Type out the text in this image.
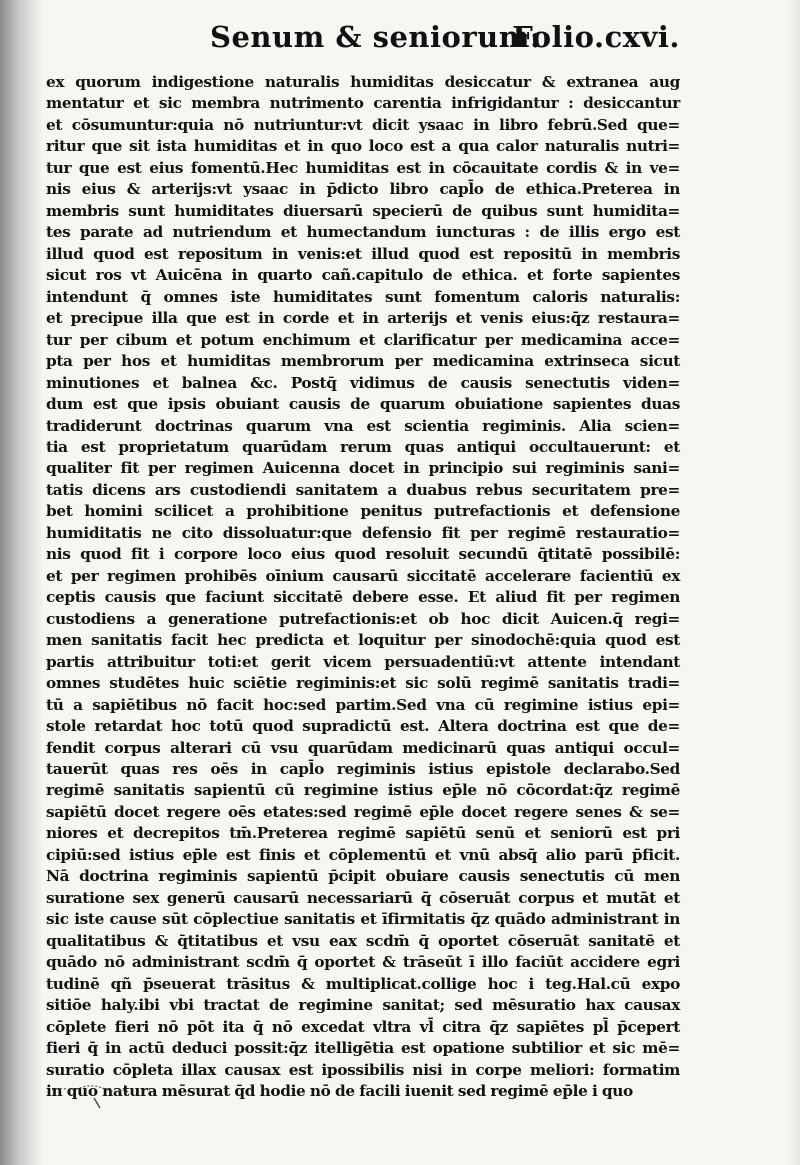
Senum & seniorum:
Folio.cxvi.
ex quorum indigestione naturalis humiditas desiccatur & extranea aug
mentatur et sic membra nutrimento carentia infrigidantur : desiccantur
et cōsumuntur:quia nō nutriuntur:vt dicit ysaac in libro febrū.Sed que=
ritur que sit ista humiditas et in quo loco est a qua calor naturalis nutri=
tur que est eius fomentū.Hec humiditas est in cōcauitate cordis & in ve=
nis eius & arterijs:vt ysaac in p̄dicto libro capl̄o de ethica.Preterea in
membris sunt humiditates diuersarū specierū de quibus sunt humidita=
tes parate ad nutriendum et humectandum iuncturas : de illis ergo est
illud quod est repositum in venis:et illud quod est repositū in membris
sicut ros vt Auicēna in quarto cañ.capitulo de ethica. et forte sapientes
intendunt q̄ omnes iste humiditates sunt fomentum caloris naturalis:
et precipue illa que est in corde et in arterijs et venis eius:q̄z restaura=
tur per cibum et potum enchimum et clarificatur per medicamina acce=
pta per hos et humiditas membrorum per medicamina extrinseca sicut
minutiones et balnea &c. Postq̄ vidimus de causis senectutis viden=
dum est que ipsis obuiant causis de quarum obuiatione sapientes duas
tradiderunt doctrinas quarum vna est scientia regiminis. Alia scien=
tia est proprietatum quarūdam rerum quas antiqui occultauerunt: et
qualiter fit per regimen Auicenna docet in principio sui regiminis sani=
tatis dicens ars custodiendi sanitatem a duabus rebus securitatem pre=
bet homini scilicet a prohibitione penitus putrefactionis et defensione
humiditatis ne cito dissoluatur:que defensio fit per regimē restauratio=
nis quod fit i corpore loco eius quod resoluit secundū q̄titatē possibilē:
et per regimen prohibēs oīnium causarū siccitatē accelerare facientiū ex
ceptis causis que faciunt siccitatē debere esse. Et aliud fit per regimen
custodiens a generatione putrefactionis:et ob hoc dicit Auicen.q̄ regi=
men sanitatis facit hec predicta et loquitur per sinodochē:quia quod est
partis attribuitur toti:et gerit vicem persuadentiū:vt attente intendant
omnes studētes huic sciētie regiminis:et sic solū regimē sanitatis tradi=
tū a sapiētibus nō facit hoc:sed partim.Sed vna cū regimine istius epi=
stole retardat hoc totū quod supradictū est. Altera doctrina est que de=
fendit corpus alterari cū vsu quarūdam medicinarū quas antiqui occul=
tauerūt quas res oēs in capl̄o regiminis istius epistole declarabo.Sed
regimē sanitatis sapientū cū regimine istius ep̄le nō cōcordat:q̄z regimē
sapiētū docet regere oēs etates:sed regimē ep̄le docet regere senes & se=
niores et decrepitos tm̄.Preterea regimē sapiētū senū et seniorū est pri
cipiū:sed istius ep̄le est finis et cōplementū et vnū absq̄ alio parū p̄ficit.
Nā doctrina regiminis sapientū p̄cipit obuiare causis senectutis cū men
suratione sex generū causarū necessariarū q̄ cōseruāt corpus et mutāt et
sic iste cause sūt cōplectiue sanitatis et īfirmitatis q̄z quādo administrant in
qualitatibus & q̄titatibus et vsu eax scdm̄ q̄ oportet cōseruāt sanitatē et
quādo nō administrant scdm̄ q̄ oportet & trāseūt ī illo faciūt accidere egri
tudinē qñ p̄seuerat trāsitus & multiplicat.collige hoc i teg.Hal.cū expo
sitiōe haly.ibi vbi tractat de regimine sanitat; sed mēsuratio hax causax
cōplete fieri nō pōt ita q̄ nō excedat vltra vl̄ citra q̄z sapiētes pl̄ p̄cepert
fieri q̄ in actū deduci possit:q̄z itelligētia est opatione subtilior et sic mē=
suratio cōpleta illax causax est ipossibilis nisi in corpe meliori: formatim
in quo natura mēsurat q̄d hodie nō de facili iuenit sed regimē ep̄le i quo
